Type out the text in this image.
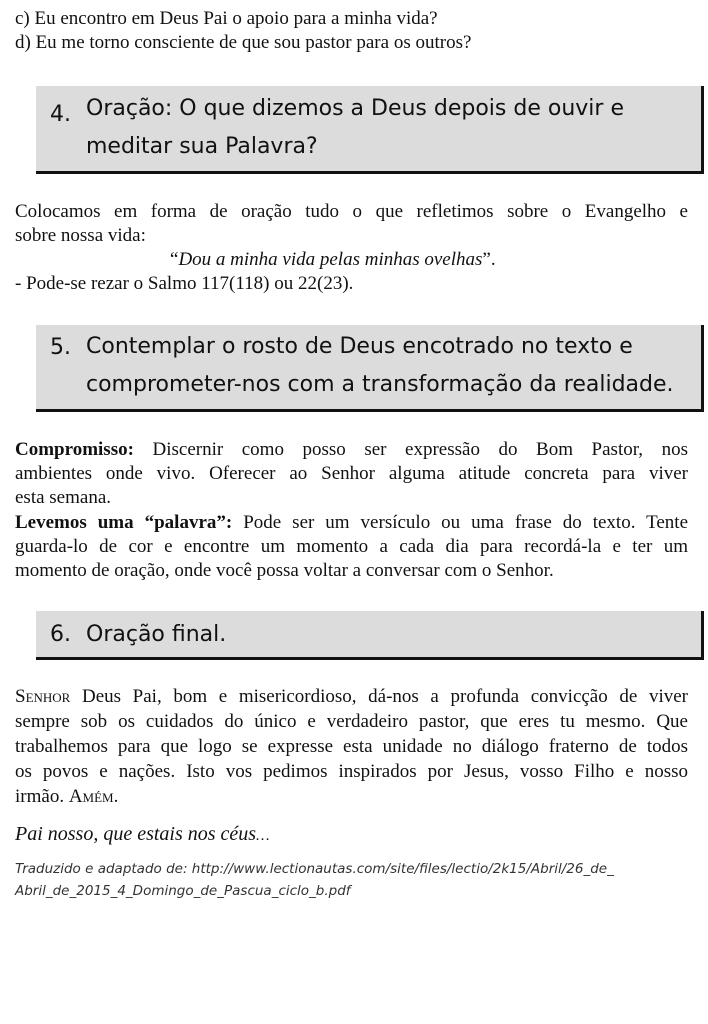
c) Eu encontro em Deus Pai o apoio para a minha vida?
d) Eu me torno consciente de que sou pastor para os outros?
4. Oração: O que dizemos a Deus depois de ouvir e
meditar sua Palavra?
Colocamos em forma de oração tudo o que refletimos sobre o Evangelho e
sobre nossa vida:
“Dou a minha vida pelas minhas ovelhas”.
- Pode-se rezar o Salmo 117(118) ou 22(23).
5. Contemplar o rosto de Deus encotrado no texto e
comprometer-nos com a transformação da realidade.
Compromisso: Discernir como posso ser expressão do Bom Pastor, nos
ambientes onde vivo. Oferecer ao Senhor alguma atitude concreta para viver
esta semana.
Levemos uma “palavra”: Pode ser um versículo ou uma frase do texto. Tente
guarda-lo de cor e encontre um momento a cada dia para recordá-la e ter um
momento de oração, onde você possa voltar a conversar com o Senhor.
6. Oração final.
Senhor Deus Pai, bom e misericordioso, dá-nos a profunda convicção de viver
sempre sob os cuidados do único e verdadeiro pastor, que eres tu mesmo. Que
trabalhemos para que logo se expresse esta unidade no diálogo fraterno de todos
os povos e nações. Isto vos pedimos inspirados por Jesus, vosso Filho e nosso
irmão. Amém.
Pai nosso, que estais nos céus…
Traduzido e adaptado de: http://www.lectionautas.com/site/files/lectio/2k15/Abril/26_de_
Abril_de_2015_4_Domingo_de_Pascua_ciclo_b.pdf
